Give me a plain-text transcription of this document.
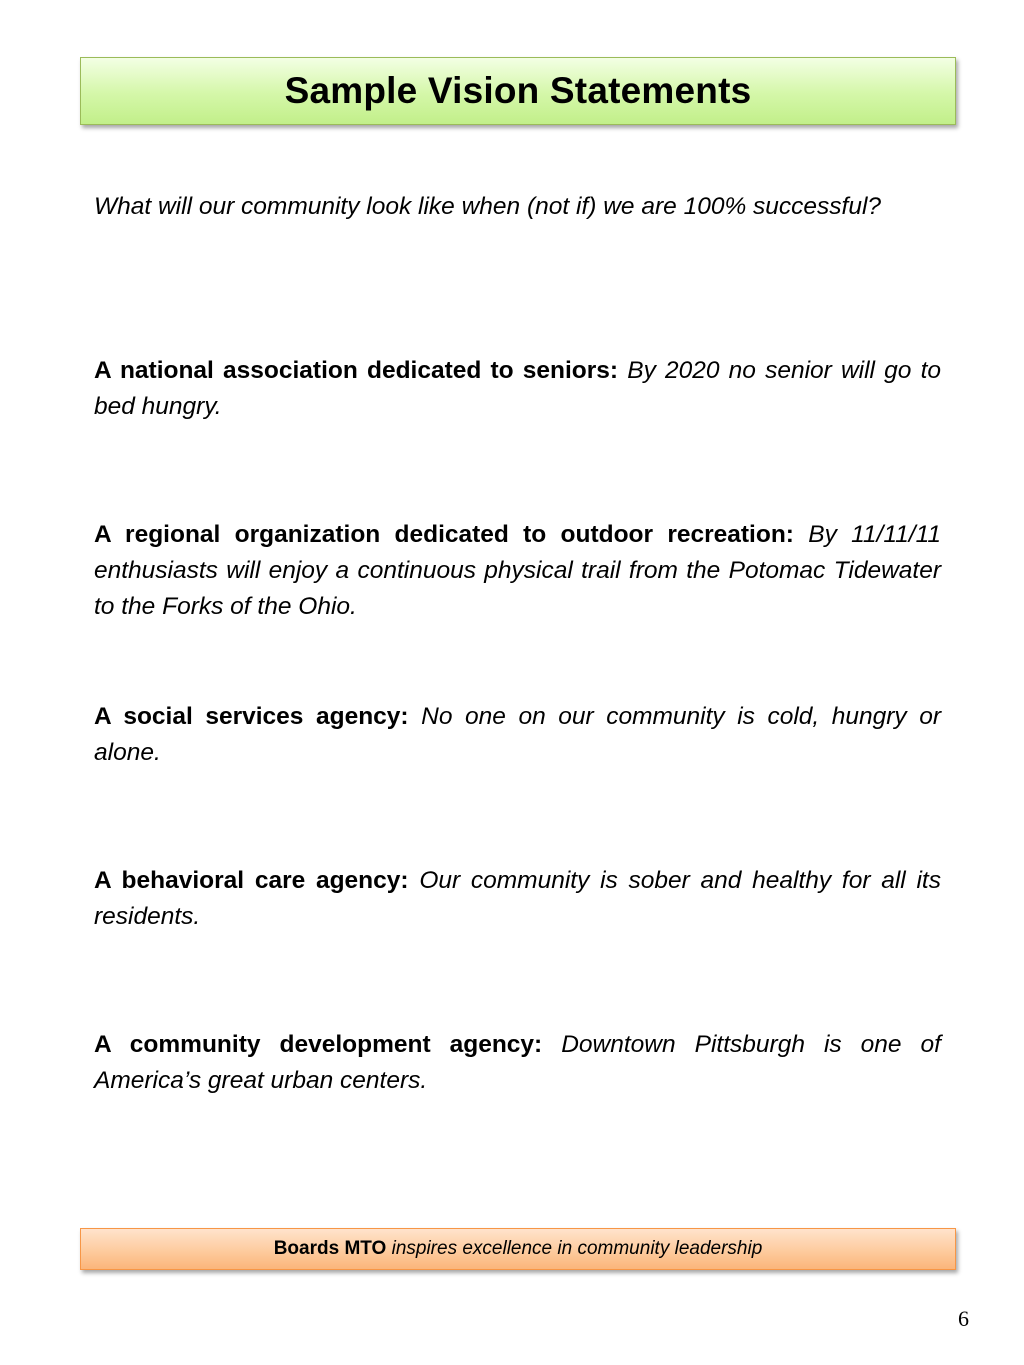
Sample Vision Statements

What will our community look like when (not if) we are 100% successful?

A national association dedicated to seniors: By 2020 no senior will go to bed hungry.

A regional organization dedicated to outdoor recreation: By 11/11/11 enthusiasts will enjoy a continuous physical trail from the Potomac Tidewater to the Forks of the Ohio.

A social services agency: No one on our community is cold, hungry or alone.

A behavioral care agency: Our community is sober and healthy for all its residents.

A community development agency: Downtown Pittsburgh is one of America’s great urban centers.

Boards MTO
inspires excellence in community leadership
6
